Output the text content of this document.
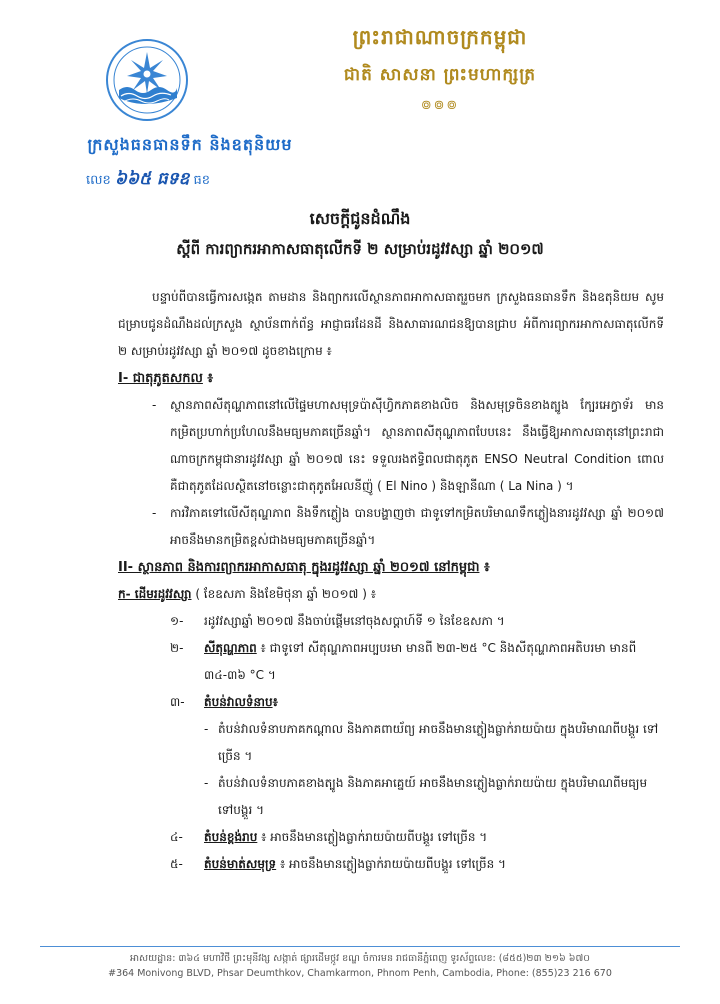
ក្រសួងធនធានទឹក និងឧតុនិយម
លេខ ៦៦៥ ធទឧ ធខ
ព្រះរាជាណាចក្រកម្ពុជា
ជាតិ សាសនា ព្រះមហាក្សត្រ
៙៙៙
សេចក្ដីជូនដំណឹង
ស្ដីពី ការព្យាករអាកាសធាតុលើកទី ២ សម្រាប់រដូវវស្សា ឆ្នាំ ២០១៧

បន្ទាប់ពីបានធ្វើការសង្កេត តាមដាន និងព្យាករលើស្ថានភាពអាកាសធាតុរួចមក ក្រសួងធនធានទឹក និងឧតុនិយម សូមជម្រាបជូនដំណឹងដល់ក្រសួង ស្ថាប័នពាក់ព័ន្ធ អាជ្ញាធរដែនដី និងសាធារណជនឱ្យបានជ្រាប អំពីការព្យាករអាកាសធាតុលើកទី ២ សម្រាប់រដូវវស្សា ឆ្នាំ ២០១៧ ដូចខាងក្រោម ៖

I- ជាតុភូតសកល ៖

-	ស្ថានភាពសីតុណ្ហភាពនៅលើផ្ទៃមហាសមុទ្រប៉ាស៊ីហ្វិកភាគខាងលិច និងសមុទ្រចិនខាងត្បូង ក្បែរអេក្វាទ័រ មានកម្រិតប្រហាក់ប្រហែលនឹងមធ្យមភាគច្រើនឆ្នាំ។ ស្ថានភាពសីតុណ្ហភាពបែបនេះ នឹងធ្វើឱ្យអាកាសធាតុនៅព្រះរាជាណាចក្រកម្ពុជានារដូវវស្សា ឆ្នាំ ២០១៧ នេះ ទទួលរងឥទ្ធិពលជាតុភូត ENSO Neutral Condition ពោលគឺជាតុភូតដែលស្ថិតនៅចន្លោះជាតុភូតអែលនីញ៉ូ ( El Nino ) និងឡានីណា ( La Nina ) ។
-	ការវិភាគទៅលើសីតុណ្ហភាព និងទឹកភ្លៀង បានបង្ហាញថា ជាទូទៅកម្រិតបរិមាណទឹកភ្លៀងនារដូវវស្សា ឆ្នាំ ២០១៧ អាចនឹងមានកម្រិតខ្ពស់ជាងមធ្យមភាគច្រើនឆ្នាំ។

II- ស្ថានភាព និងការព្យាករអាកាសធាតុ ក្នុងរដូវវស្សា ឆ្នាំ ២០១៧ នៅកម្ពុជា ៖

ក- ដើមរដូវវស្សា ( ខែឧសភា និងខែមិថុនា ឆ្នាំ ២០១៧ ) ៖

១-	រដូវវស្សាឆ្នាំ ២០១៧ នឹងចាប់ផ្ដើមនៅចុងសប្ដាហ៍ទី ១ នៃខែឧសភា ។
២-	សីតុណ្ហភាព ៖ ជាទូទៅ សីតុណ្ហភាពអប្បបរមា មានពី ២៣-២៥ °C និងសីតុណ្ហភាពអតិបរមា មានពី ៣៤-៣៦ °C ។
៣-	តំបន់វាលទំនាប៖
- តំបន់វាលទំនាបភាគកណ្ដាល និងភាគពាយ័ព្យ អាចនឹងមានភ្លៀងធ្លាក់រាយប៉ាយ ក្នុងបរិមាណពីបង្គួរ ទៅច្រើន ។
- តំបន់វាលទំនាបភាគខាងត្បូង និងភាគអាគ្នេយ៍ អាចនឹងមានភ្លៀងធ្លាក់រាយប៉ាយ ក្នុងបរិមាណពីមធ្យម ទៅបង្គួរ ។
៤-	តំបន់ខ្ពង់រាប ៖ អាចនឹងមានភ្លៀងធ្លាក់រាយប៉ាយពីបង្គួរ ទៅច្រើន ។
៥-	តំបន់មាត់សមុទ្រ ៖ អាចនឹងមានភ្លៀងធ្លាក់រាយប៉ាយពីបង្គួរ ទៅច្រើន ។
អាសយដ្ឋាន: ៣៦៤ មហាវិថី ព្រះមុនីវង្ស សង្កាត់ ផ្សារដើមថ្កូវ ខណ្ឌ ចំការមន រាជធានីភ្នំពេញ ទូរស័ព្ទលេខ: (៨៥៥)២៣ ២១៦ ៦៧០
#364 Monivong BLVD, Phsar Deumthkov, Chamkarmon, Phnom Penh, Cambodia, Phone: (855)23 216 670
